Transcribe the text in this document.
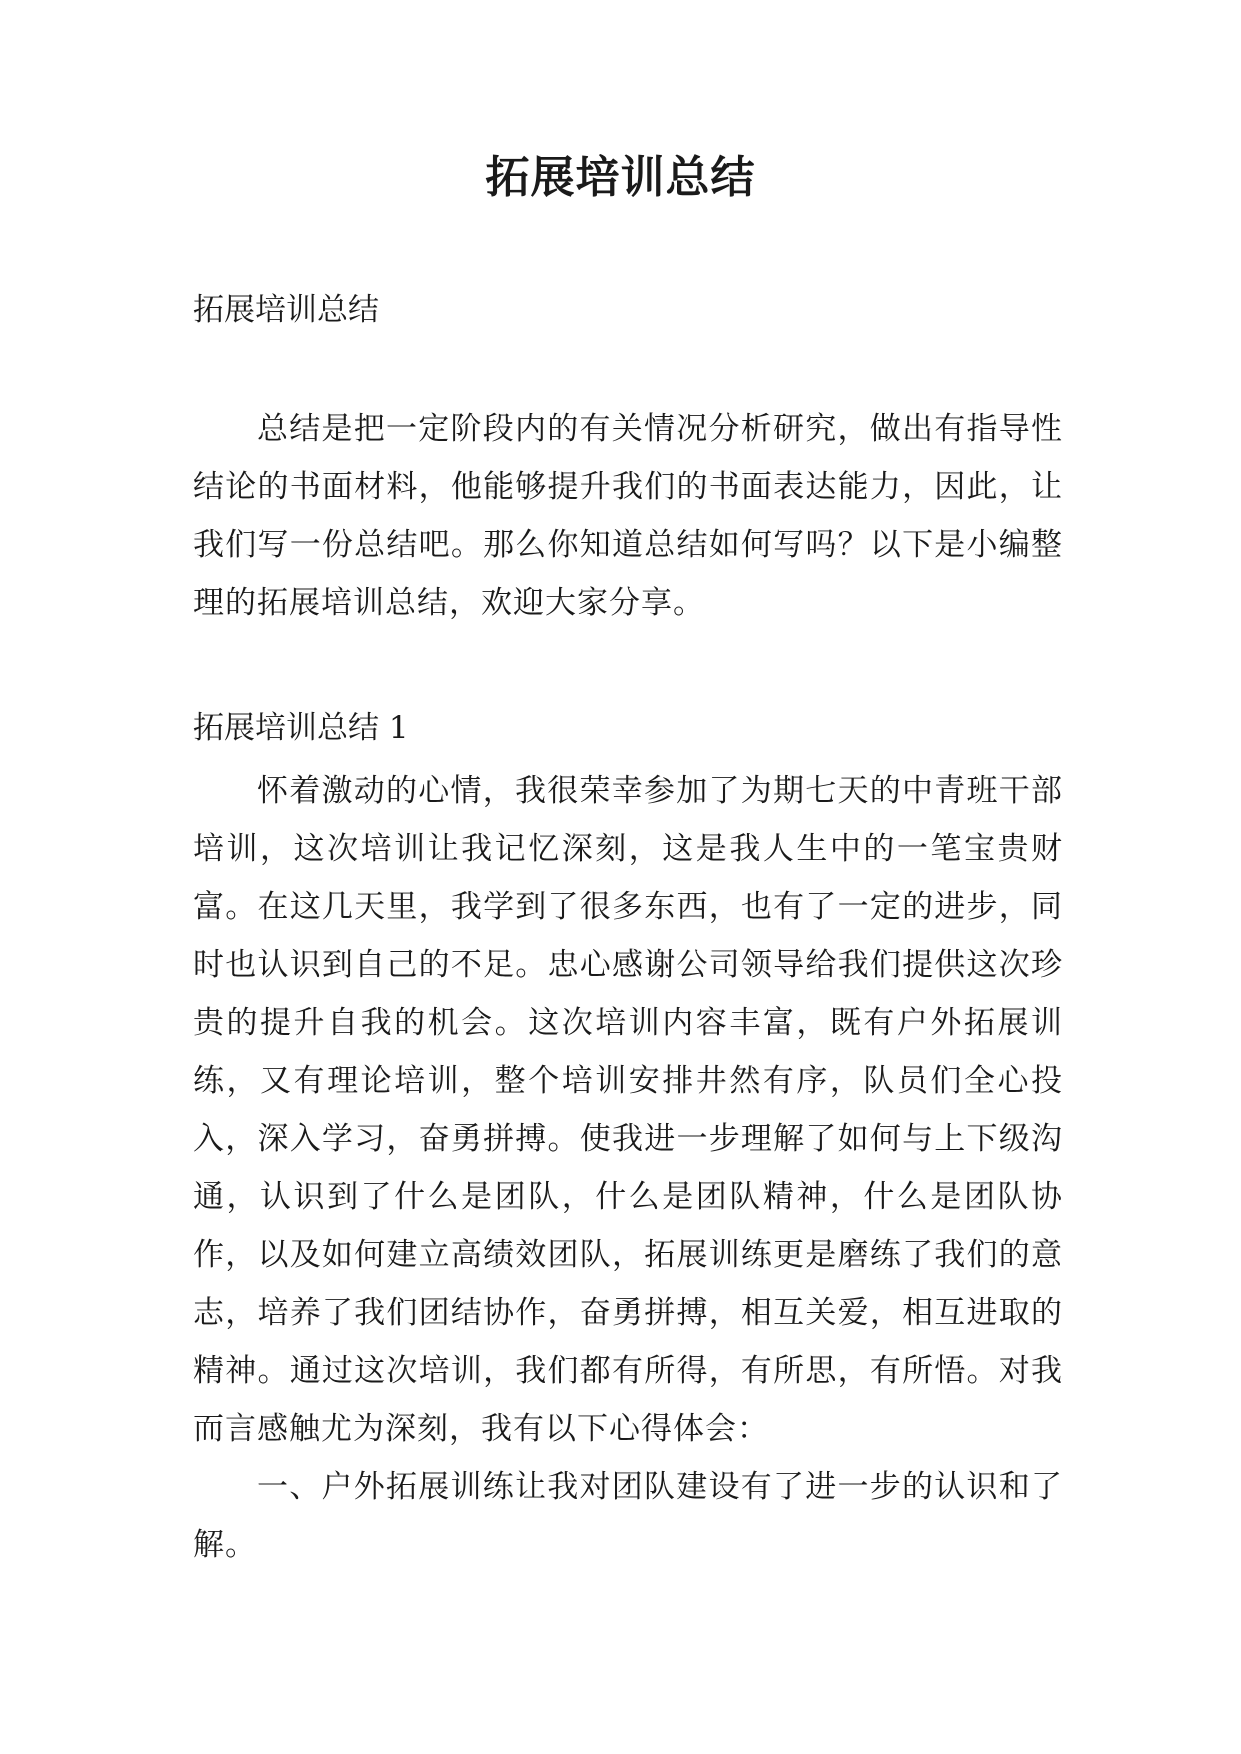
拓展培训总结

拓展培训总结

总结是把一定阶段内的有关情况分析研究，做出有指导性结论的书面材料，他能够提升我们的书面表达能力，因此，让我们写一份总结吧。那么你知道总结如何写吗？以下是小编整理的拓展培训总结，欢迎大家分享。

拓展培训总结 1

怀着激动的心情，我很荣幸参加了为期七天的中青班干部培训，这次培训让我记忆深刻，这是我人生中的一笔宝贵财富。在这几天里，我学到了很多东西，也有了一定的进步，同时也认识到自己的不足。忠心感谢公司领导给我们提供这次珍贵的提升自我的机会。这次培训内容丰富，既有户外拓展训练，又有理论培训，整个培训安排井然有序，队员们全心投入，深入学习，奋勇拼搏。使我进一步理解了如何与上下级沟通，认识到了什么是团队，什么是团队精神，什么是团队协作，以及如何建立高绩效团队，拓展训练更是磨练了我们的意志，培养了我们团结协作，奋勇拼搏，相互关爱，相互进取的精神。通过这次培训，我们都有所得，有所思，有所悟。对我而言感触尤为深刻，我有以下心得体会：

一、户外拓展训练让我对团队建设有了进一步的认识和了解。
